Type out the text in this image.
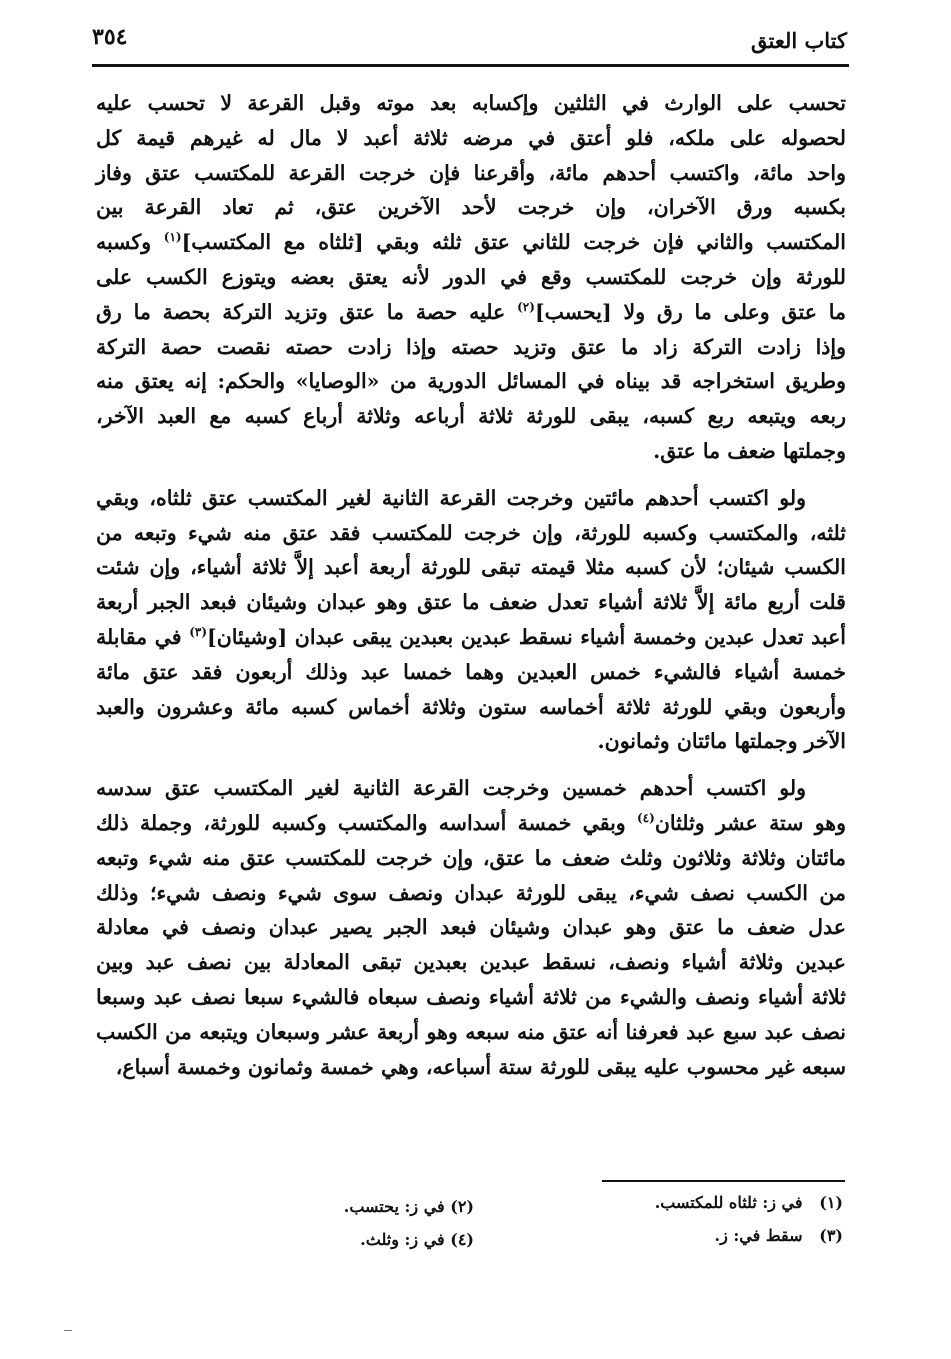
كتاب العتق
٣٥٤
تحسب على الوارث في الثلثين وإكسابه بعد موته وقبل القرعة لا تحسب عليه
لحصوله على ملكه، فلو أعتق في مرضه ثلاثة أعبد لا مال له غيرهم قيمة كل
واحد مائة، واكتسب أحدهم مائة، وأقرعنا فإن خرجت القرعة للمكتسب عتق وفاز
بكسبه ورق الآخران، وإن خرجت لأحد الآخرين عتق، ثم تعاد القرعة بين
المكتسب والثاني فإن خرجت للثاني عتق ثلثه وبقي [ثلثاه مع المكتسب]$^{(١)}$ وكسبه
للورثة وإن خرجت للمكتسب وقع في الدور لأنه يعتق بعضه ويتوزع الكسب على
ما عتق وعلى ما رق ولا [يحسب]$^{(٢)}$ عليه حصة ما عتق وتزيد التركة بحصة ما رق
وإذا زادت التركة زاد ما عتق وتزيد حصته وإذا زادت حصته نقصت حصة التركة
وطريق استخراجه قد بيناه في المسائل الدورية من «الوصايا» والحكم: إنه يعتق منه
ربعه ويتبعه ربع كسبه، يبقى للورثة ثلاثة أرباعه وثلاثة أرباع كسبه مع العبد الآخر،
وجملتها ضعف ما عتق.
ولو اكتسب أحدهم مائتين وخرجت القرعة الثانية لغير المكتسب عتق ثلثاه، وبقي
ثلثه، والمكتسب وكسبه للورثة، وإن خرجت للمكتسب فقد عتق منه شيء وتبعه من
الكسب شيئان؛ لأن كسبه مثلا قيمته تبقى للورثة أربعة أعبد إلاَّ ثلاثة أشياء، وإن شئت
قلت أربع مائة إلاَّ ثلاثة أشياء تعدل ضعف ما عتق وهو عبدان وشيئان فبعد الجبر أربعة
أعبد تعدل عبدين وخمسة أشياء نسقط عبدين بعبدين يبقى عبدان [وشيئان]$^{(٣)}$ في مقابلة
خمسة أشياء فالشيء خمس العبدين وهما خمسا عبد وذلك أربعون فقد عتق مائة
وأربعون وبقي للورثة ثلاثة أخماسه ستون وثلاثة أخماس كسبه مائة وعشرون والعبد
الآخر وجملتها مائتان وثمانون.
ولو اكتسب أحدهم خمسين وخرجت القرعة الثانية لغير المكتسب عتق سدسه
وهو ستة عشر وثلثان$^{(٤)}$ وبقي خمسة أسداسه والمكتسب وكسبه للورثة، وجملة ذلك
مائتان وثلاثة وثلاثون وثلث ضعف ما عتق، وإن خرجت للمكتسب عتق منه شيء وتبعه
من الكسب نصف شيء، يبقى للورثة عبدان ونصف سوى شيء ونصف شيء؛ وذلك
عدل ضعف ما عتق وهو عبدان وشيئان فبعد الجبر يصير عبدان ونصف في معادلة
عبدين وثلاثة أشياء ونصف، نسقط عبدين بعبدين تبقى المعادلة بين نصف عبد وبين
ثلاثة أشياء ونصف والشيء من ثلاثة أشياء ونصف سبعاه فالشيء سبعا نصف عبد وسبعا
نصف عبد سبع عبد فعرفنا أنه عتق منه سبعه وهو أربعة عشر وسبعان ويتبعه من الكسب
سبعه غير محسوب عليه يبقى للورثة ستة أسباعه، وهي خمسة وثمانون وخمسة أسباع،
(١)   في ز: ثلثاه للمكتسب.
(٢) في ز: يحتسب.
(٣)   سقط في: ز.
(٤) في ز: وثلث.
